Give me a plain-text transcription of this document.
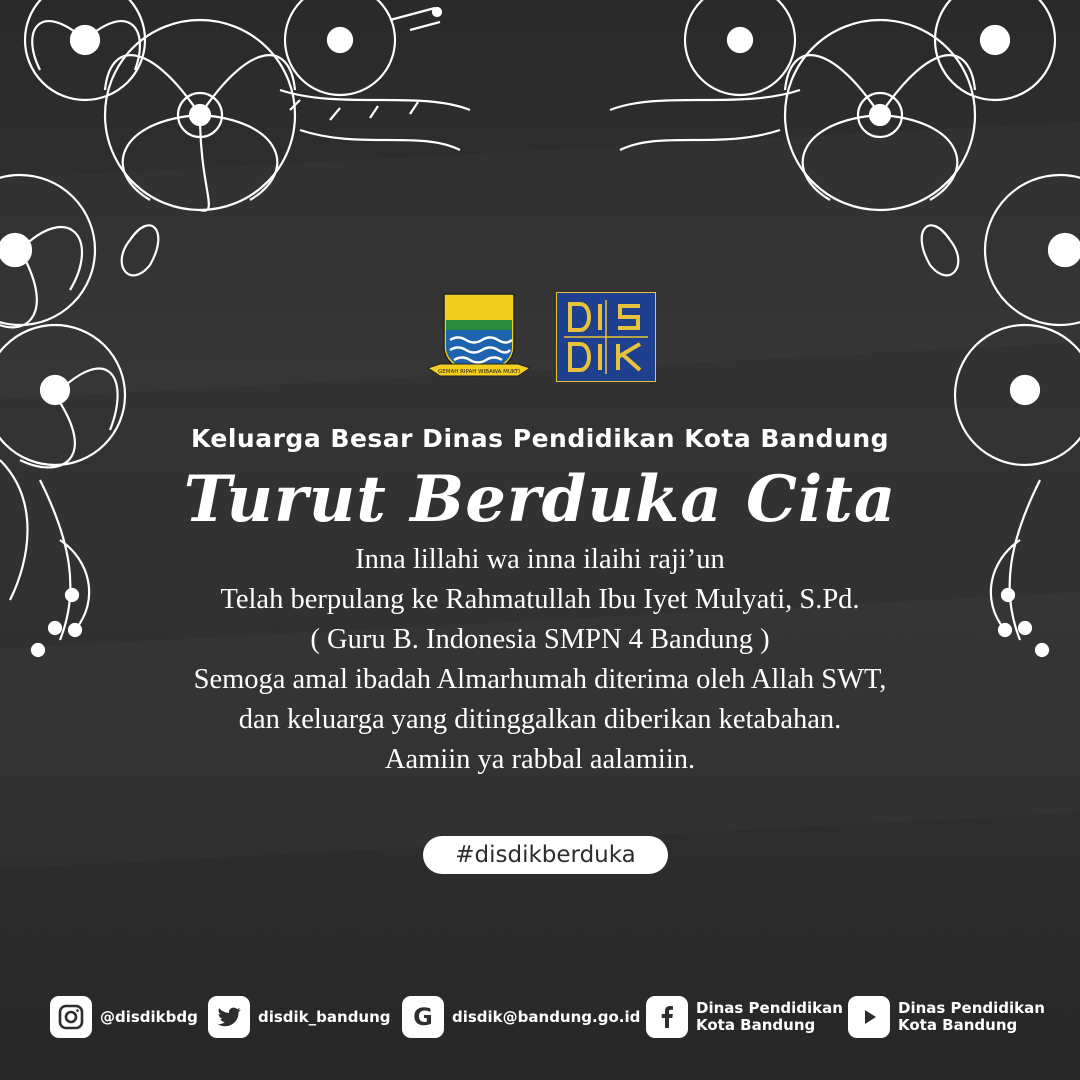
GEMAH RIPAH WIBAWA MUKTI
Keluarga Besar Dinas Pendidikan Kota Bandung
Turut Berduka Cita
Inna lillahi wa inna ilaihi raji’un
Telah berpulang ke Rahmatullah Ibu Iyet Mulyati, S.Pd.
( Guru B. Indonesia SMPN 4 Bandung )
Semoga amal ibadah Almarhumah diterima oleh Allah SWT,
dan keluarga yang ditinggalkan diberikan ketabahan.
Aamiin ya rabbal aalamiin.
#disdikberduka
@disdikbdg	disdik_bandung G disdik@bandung.go.id	Dinas Pendidikan
Kota Bandung
Dinas Pendidikan
Kota Bandung
